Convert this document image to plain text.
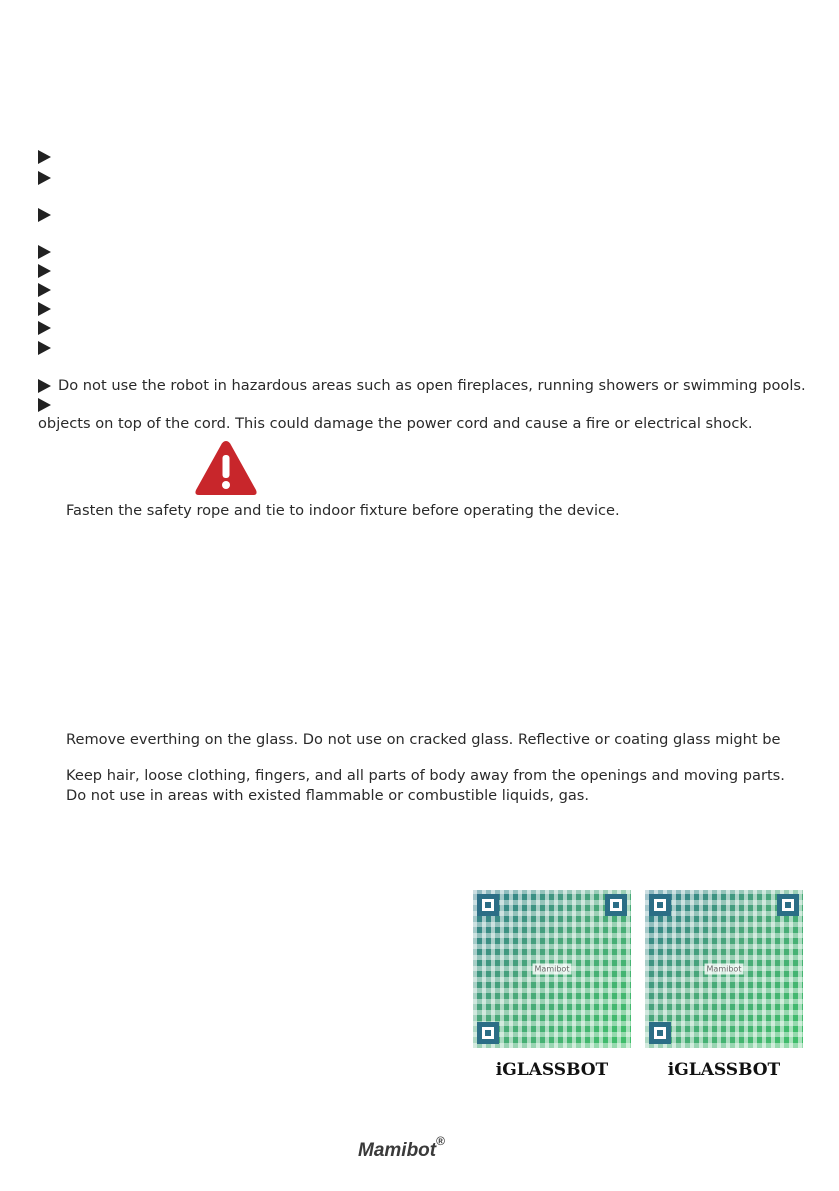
Do not use the robot in hazardous areas such as open fireplaces, running showers or swimming pools.
objects on top of the cord. This could damage the power cord and cause a fire or electrical shock.
Fasten the safety rope and tie to indoor fixture before operating the device.
Remove everthing on the glass. Do not use on cracked glass. Reflective or coating glass might be
Keep hair, loose clothing, fingers, and all parts of body away from the openings and moving parts.
Do not use in areas with existed flammable or combustible liquids, gas.
Mamibot
iGLASSBOT
Mamibot
iGLASSBOT
Mamibot®
